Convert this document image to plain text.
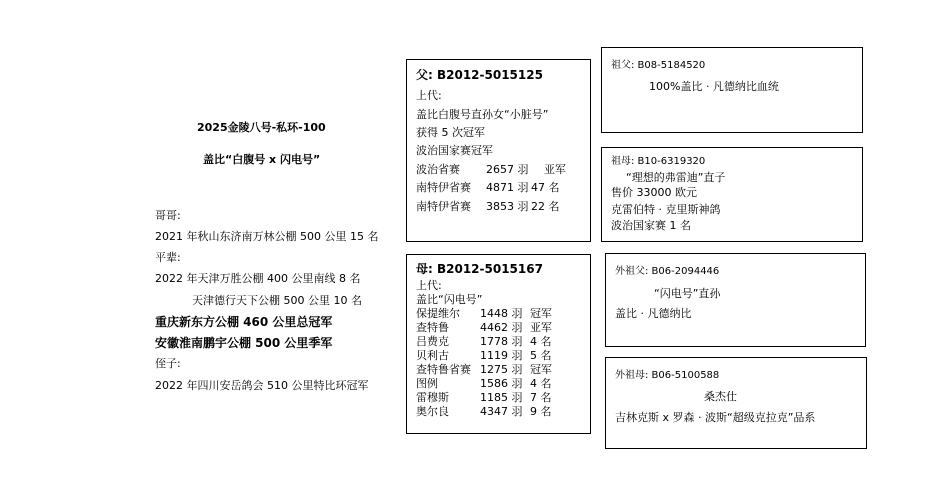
2025金陵八号-私环-100
盖比“白腹号 x 闪电号”
哥哥:
2021 年秋山东济南万林公棚 500 公里 15 名
平辈:
2022 年天津万胜公棚 400 公里南线 8 名
天津德行天下公棚 500 公里 10 名
重庆新东方公棚 460 公里总冠军
安徽淮南鹏宇公棚 500 公里季军
侄子:
2022 年四川安岳鸽会 510 公里特比环冠军
父: B2012-5015125
上代:
盖比白腹号直孙女“小脏号”
获得 5 次冠军
波治国家赛冠军
波治省赛 2657 羽 亚军
南特伊省赛 4871 羽 47 名
南特伊省赛 3853 羽 22 名
母: B2012-5015167
上代:
盖比“闪电号”
保提维尔 1448 羽 冠军
查特鲁	4462 羽 亚军
吕费克	1778 羽 4 名
贝利古	1119 羽 5 名
查特鲁省赛 1275 羽 冠军
图例	1586 羽 4 名
雷穆斯	1185 羽 7 名
奥尔良	4347 羽 9 名
祖父: B08-5184520
100%盖比 · 凡德纳比血统
祖母: B10-6319320
“理想的弗雷迪”直子
售价 33000 欧元
克雷伯特 · 克里斯神鸽
波治国家赛 1 名
外祖父: B06-2094446
“闪电号”直孙
盖比 · 凡德纳比
外祖母: B06-5100588
桑杰仕
吉林克斯 x 罗森 · 波斯“超级克拉克”品系
